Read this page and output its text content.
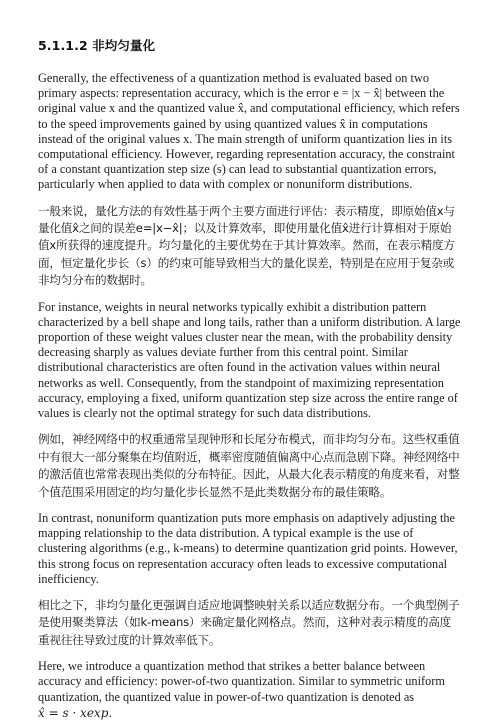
5.1.1.2 非均匀量化

Generally, the effectiveness of a quantization method is evaluated based on two primary aspects: representation accuracy, which is the error e = |x − x̂| between the original value x and the quantized value x̂, and computational efficiency, which refers to the speed improvements gained by using quantized values x̂ in computations instead of the original values x. The main strength of uniform quantization lies in its computational efficiency. However, regarding representation accuracy, the constraint of a constant quantization step size (s) can lead to substantial quantization errors, particularly when applied to data with complex or nonuniform distributions.

一般来说，量化方法的有效性基于两个主要方面进行评估：表示精度，即原始值x与量化值x̂之间的误差e=|x−x̂|；以及计算效率，即使用量化值x̂进行计算相对于原始值x所获得的速度提升。均匀量化的主要优势在于其计算效率。然而，在表示精度方面，恒定量化步长（s）的约束可能导致相当大的量化误差，特别是在应用于复杂或非均匀分布的数据时。

For instance, weights in neural networks typically exhibit a distribution pattern characterized by a bell shape and long tails, rather than a uniform distribution. A large proportion of these weight values cluster near the mean, with the probability density decreasing sharply as values deviate further from this central point. Similar distributional characteristics are often found in the activation values within neural networks as well. Consequently, from the standpoint of maximizing representation accuracy, employing a fixed, uniform quantization step size across the entire range of values is clearly not the optimal strategy for such data distributions.

例如，神经网络中的权重通常呈现钟形和长尾分布模式，而非均匀分布。这些权重值中有很大一部分聚集在均值附近，概率密度随值偏离中心点而急剧下降。神经网络中的激活值也常常表现出类似的分布特征。因此，从最大化表示精度的角度来看，对整个值范围采用固定的均匀量化步长显然不是此类数据分布的最佳策略。

In contrast, nonuniform quantization puts more emphasis on adaptively adjusting the mapping relationship to the data distribution. A typical example is the use of clustering algorithms (e.g., k-means) to determine quantization grid points. However, this strong focus on representation accuracy often leads to excessive computational inefficiency.

相比之下，非均匀量化更强调自适应地调整映射关系以适应数据分布。一个典型例子是使用聚类算法（如k-means）来确定量化网格点。然而，这种对表示精度的高度重视往往导致过度的计算效率低下。

Here, we introduce a quantization method that strikes a better balance between accuracy and efficiency: power-of-two quantization. Similar to symmetric uniform quantization, the quantized value in power-of-two quantization is denoted as

x̂ = s · xexp.
